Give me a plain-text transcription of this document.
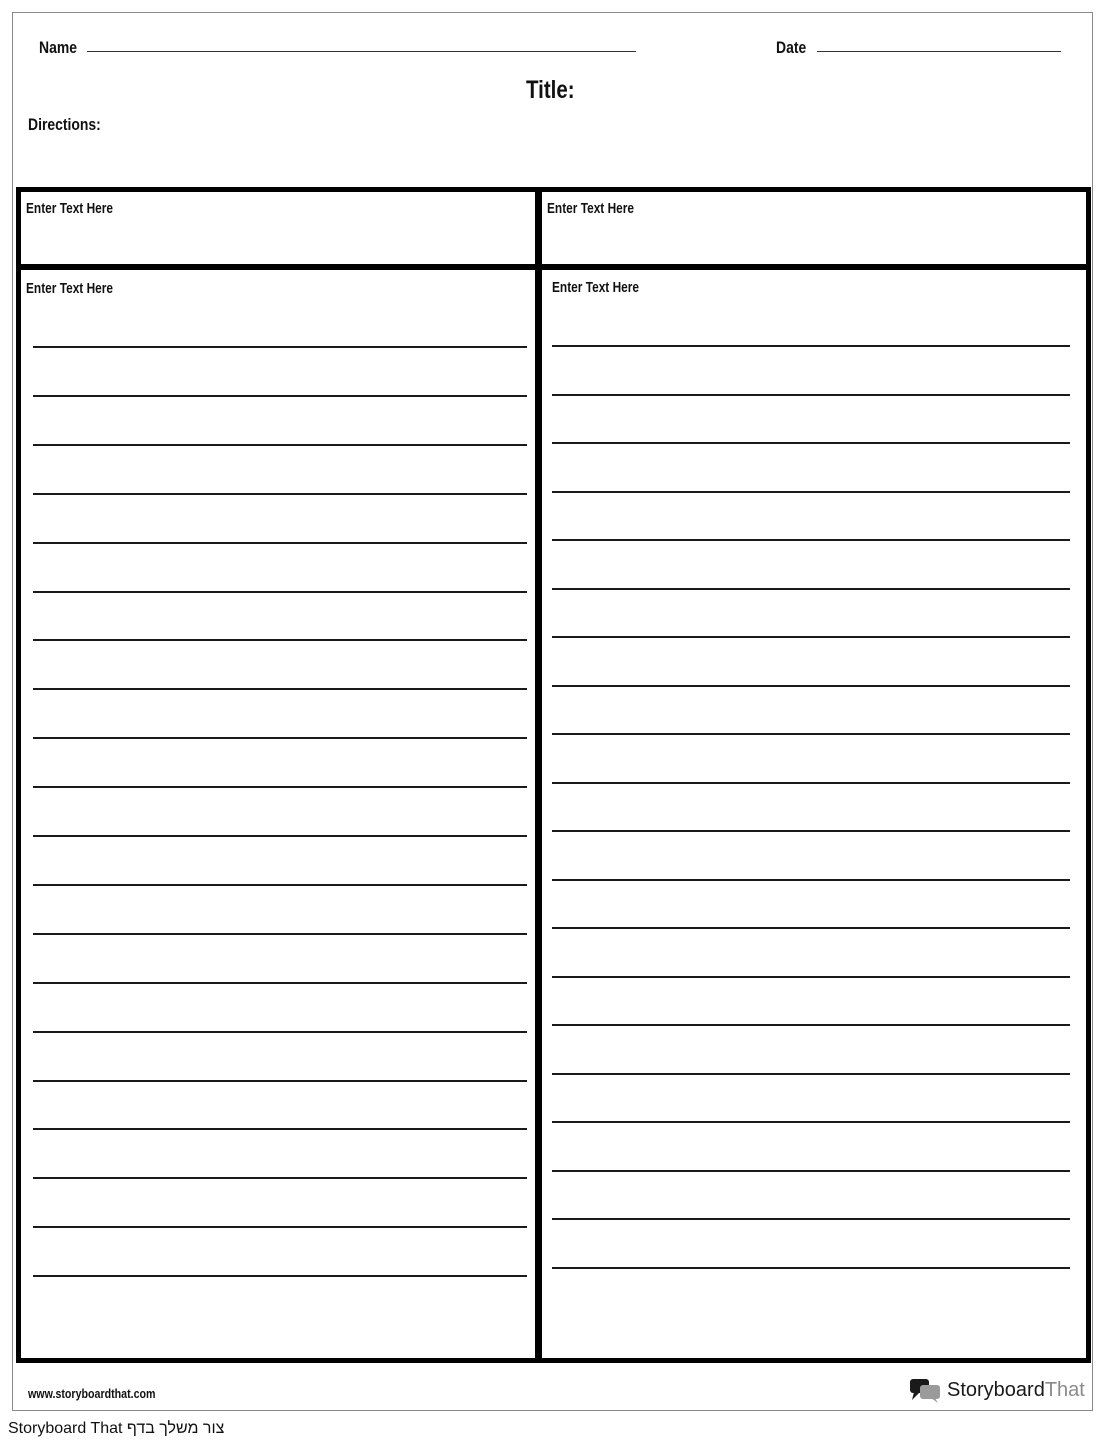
Name	Date
Title:
Directions:
Enter Text Here	Enter Text Here
Enter Text Here	Enter Text Here
www.storyboardthat.com	StoryboardThat
צור משלך בדף Storyboard That
